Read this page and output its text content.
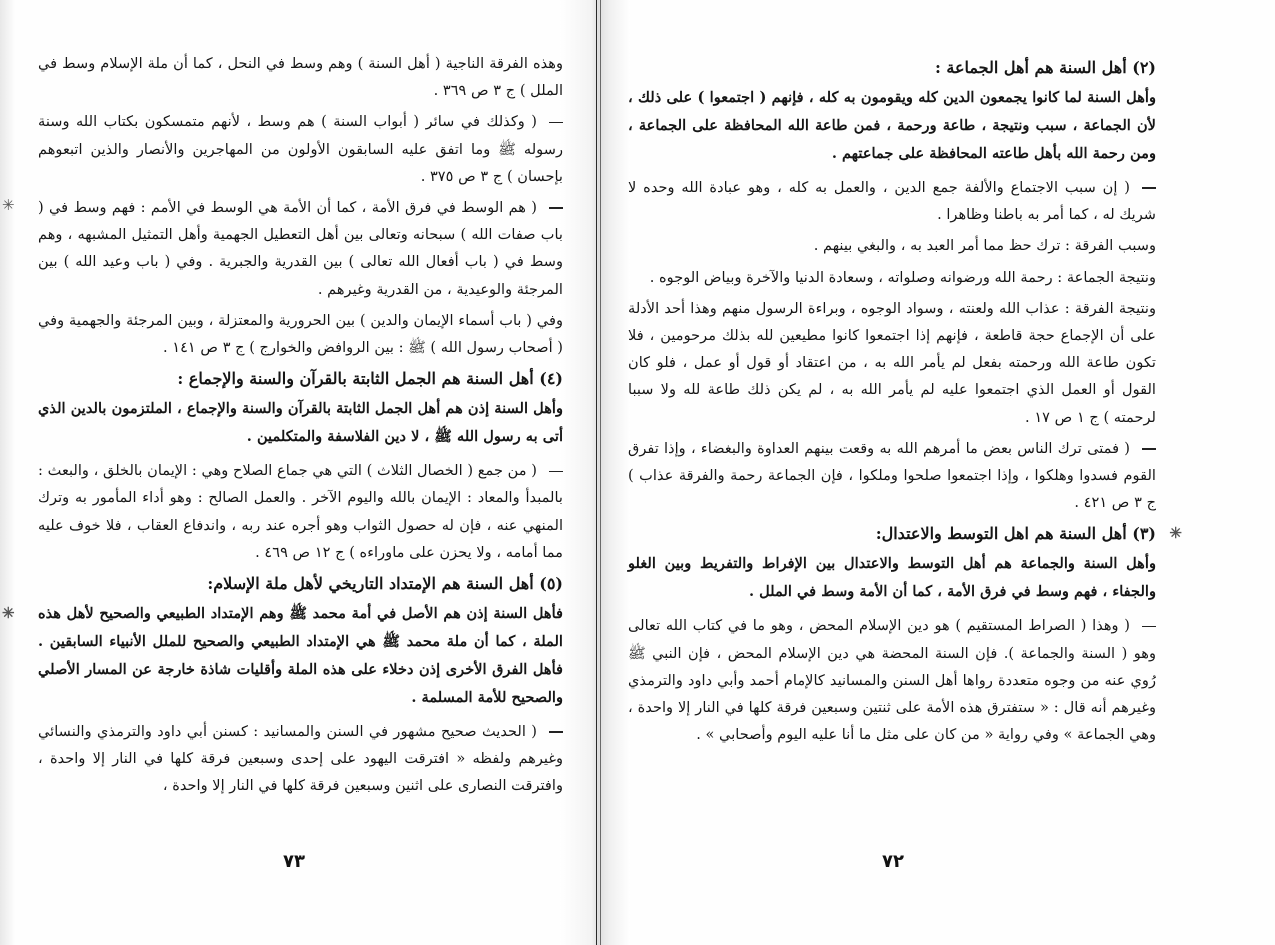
وهذه الفرقة الناجية ( أهل السنة ) وهم وسط في النحل ، كما أن ملة الإسلام وسط في الملل ) ج ٣ ص ٣٦٩ .

( وكذلك في سائر ( أبواب السنة ) هم وسط ، لأنهم متمسكون بكتاب الله وسنة رسوله ﷺ وما اتفق عليه السابقون الأولون من المهاجرين والأنصار والذين اتبعوهم بإحسان ) ج ٣ ص ٣٧٥ .

✳ ( هم الوسط في فرق الأمة ، كما أن الأمة هي الوسط في الأمم : فهم وسط في ( باب صفات الله ) سبحانه وتعالى بين أهل التعطيل الجهمية وأهل التمثيل المشبهه ، وهم وسط في ( باب أفعال الله تعالى ) بين القدرية والجبرية . وفي ( باب وعيد الله ) بين المرجئة والوعيدية ، من القدرية وغيرهم .

وفي ( باب أسماء الإيمان والدين ) بين الحرورية والمعتزلة ، وبين المرجئة والجهمية وفي ( أصحاب رسول الله ) ﷺ : بين الروافض والخوارج ) ج ٣ ص ١٤١ .

(٤) أهل السنة هم الجمل الثابتة بالقرآن والسنة والإجماع :

وأهل السنة إذن هم أهل الجمل الثابتة بالقرآن والسنة والإجماع ، الملتزمون بالدين الذي أتى به رسول الله ﷺ ، لا دين الفلاسفة والمتكلمين .

( من جمع ( الخصال الثلاث ) التي هي جماع الصلاح وهي : الإيمان بالخلق ، والبعث : بالمبدأ والمعاد : الإيمان بالله واليوم الآخر . والعمل الصالح : وهو أداء المأمور به وترك المنهي عنه ، فإن له حصول الثواب وهو أجره عند ربه ، واندفاع العقاب ، فلا خوف عليه مما أمامه ، ولا يحزن على ماوراءه ) ج ١٢ ص ٤٦٩ .

(٥) أهل السنة هم الإمتداد التاريخي لأهل ملة الإسلام:

✳ فأهل السنة إذن هم الأصل في أمة محمد ﷺ وهم الإمتداد الطبيعي والصحيح لأهل هذه الملة ، كما أن ملة محمد ﷺ هي الإمتداد الطبيعي والصحيح للملل الأنبياء السابقين . فأهل الفرق الأخرى إذن دخلاء على هذه الملة وأقليات شاذة خارجة عن المسار الأصلي والصحيح للأمة المسلمة .

( الحديث صحيح مشهور في السنن والمسانيد : كسنن أبي داود والترمذي والنسائي وغيرهم ولفظه « افترقت اليهود على إحدى وسبعين فرقة كلها في النار إلا واحدة ، وافترقت النصارى على اثنين وسبعين فرقة كلها في النار إلا واحدة ،

٧٣
(٢) أهل السنة هم أهل الجماعة :

وأهل السنة لما كانوا يجمعون الدين كله ويقومون به كله ، فإنهم ( اجتمعوا ) على ذلك ، لأن الجماعة ، سبب ونتيجة ، طاعة ورحمة ، فمن طاعة الله المحافظة على الجماعة ، ومن رحمة الله بأهل طاعته المحافظة على جماعتهم .

( إن سبب الاجتماع والألفة جمع الدين ، والعمل به كله ، وهو عبادة الله وحده لا شريك له ، كما أمر به باطنا وظاهرا .

وسبب الفرقة : ترك حظ مما أمر العبد به ، والبغي بينهم .

ونتيجة الجماعة : رحمة الله ورضوانه وصلواته ، وسعادة الدنيا والآخرة وبياض الوجوه .

ونتيجة الفرقة : عذاب الله ولعنته ، وسواد الوجوه ، وبراءة الرسول منهم وهذا أحد الأدلة على أن الإجماع حجة قاطعة ، فإنهم إذا اجتمعوا كانوا مطيعين لله بذلك مرحومين ، فلا تكون طاعة الله ورحمته بفعل لم يأمر الله به ، من اعتقاد أو قول أو عمل ، فلو كان القول أو العمل الذي اجتمعوا عليه لم يأمر الله به ، لم يكن ذلك طاعة لله ولا سببا لرحمته ) ج ١ ص ١٧ .

( فمتى ترك الناس بعض ما أمرهم الله به وقعت بينهم العداوة والبغضاء ، وإذا تفرق القوم فسدوا وهلكوا ، وإذا اجتمعوا صلحوا وملكوا ، فإن الجماعة رحمة والفرقة عذاب ) ج ٣ ص ٤٢١ .

✳
(٣) أهل السنة هم اهل التوسط والاعتدال:

وأهل السنة والجماعة هم أهل التوسط والاعتدال بين الإفراط والتفريط وبين الغلو والجفاء ، فهم وسط في فرق الأمة ، كما أن الأمة وسط في الملل .

( وهذا ( الصراط المستقيم ) هو دين الإسلام المحض ، وهو ما في كتاب الله تعالى وهو ( السنة والجماعة ). فإن السنة المحضة هي دين الإسلام المحض ، فإن النبي ﷺ رُوي عنه من وجوه متعددة رواها أهل السنن والمسانيد كالإمام أحمد وأبي داود والترمذي وغيرهم أنه قال : « ستفترق هذه الأمة على ثنتين وسبعين فرقة كلها في النار إلا واحدة ، وهي الجماعة » وفي رواية « من كان على مثل ما أنا عليه اليوم وأصحابي » .

٧٢
